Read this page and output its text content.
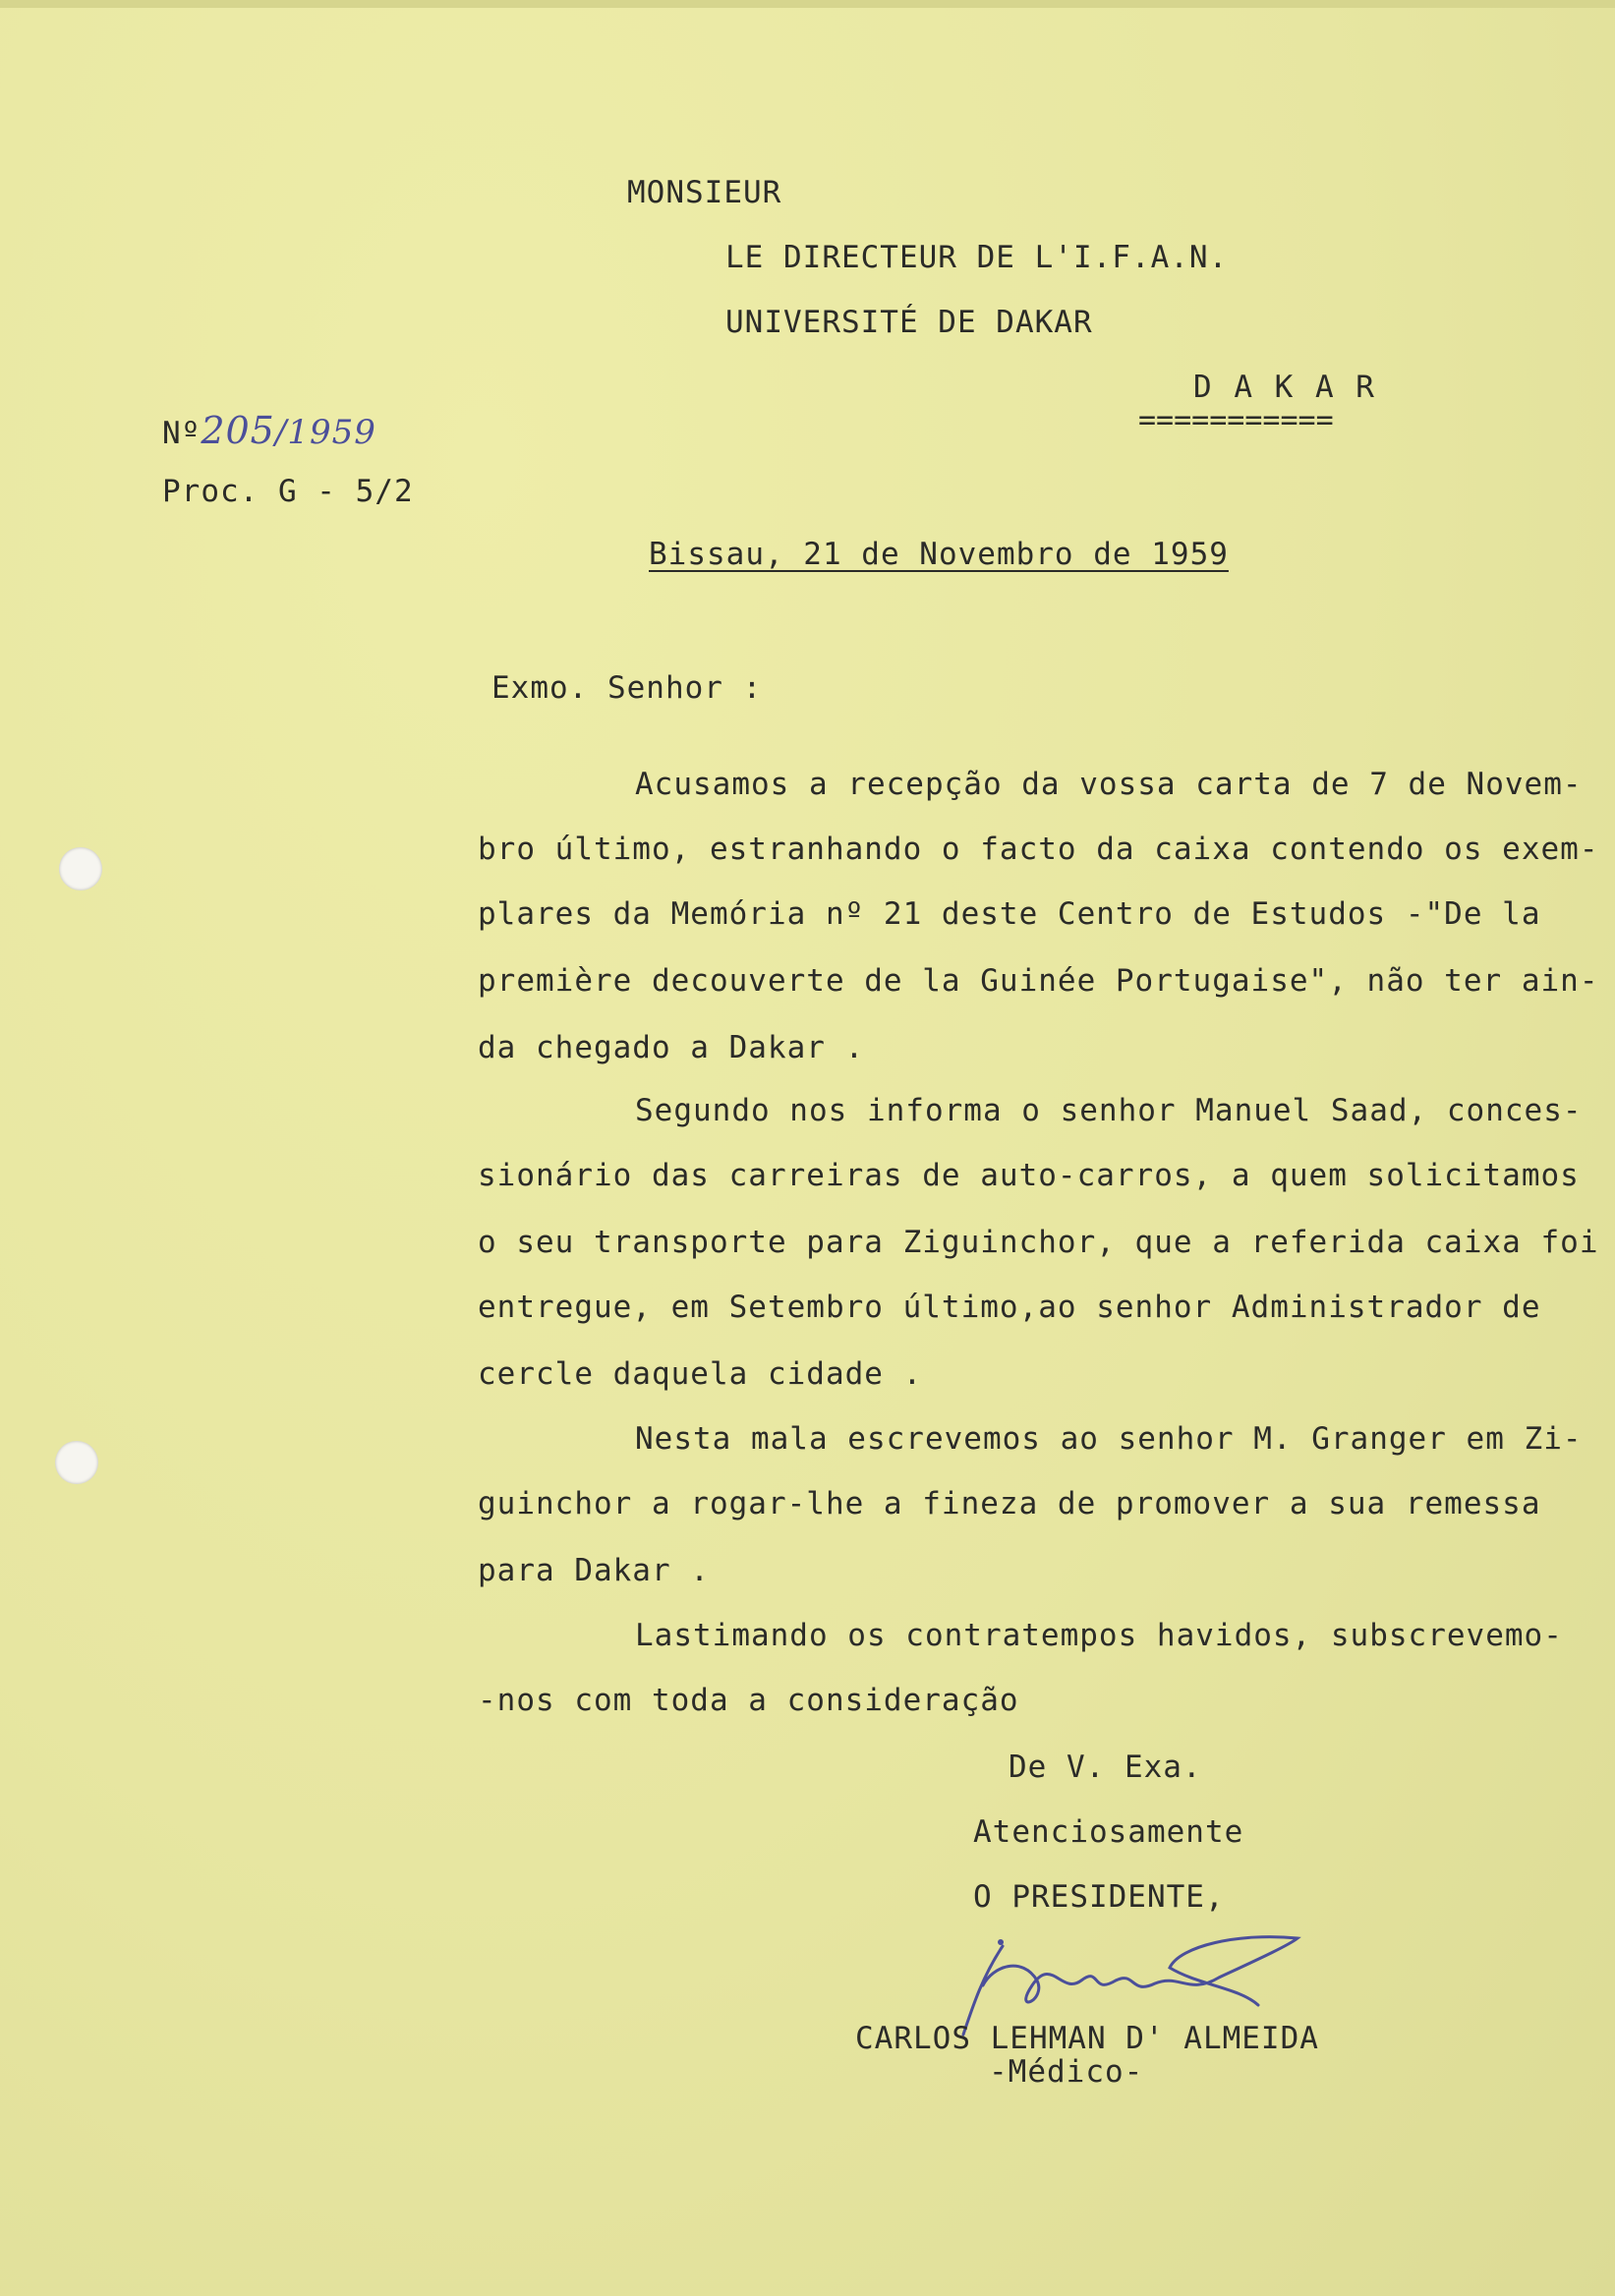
MONSIEUR
LE DIRECTEUR DE L'I.F.A.N.
UNIVERSITÉ DE DAKAR
D A K A R
===========
Nº205/1959
Proc. G - 5/2
Bissau, 21 de Novembro de 1959
Exmo. Senhor :
Acusamos a recepção da vossa carta de 7 de Novem-
bro último, estranhando o facto da caixa contendo os exem-
plares da Memória nº 21 deste Centro de Estudos -"De la
première decouverte de la Guinée Portugaise", não ter ain-
da chegado a Dakar .
Segundo nos informa o senhor Manuel Saad, conces-
sionário das carreiras de auto-carros, a quem solicitamos
o seu transporte para Ziguinchor, que a referida caixa foi
entregue, em Setembro último,ao senhor Administrador de
cercle daquela cidade .
Nesta mala escrevemos ao senhor M. Granger em Zi-
guinchor a rogar-lhe a fineza de promover a sua remessa
para Dakar .
Lastimando os contratempos havidos, subscrevemo-
-nos com toda a consideração
De V. Exa.
Atenciosamente
O PRESIDENTE,
CARLOS LEHMAN D' ALMEIDA
-Médico-
